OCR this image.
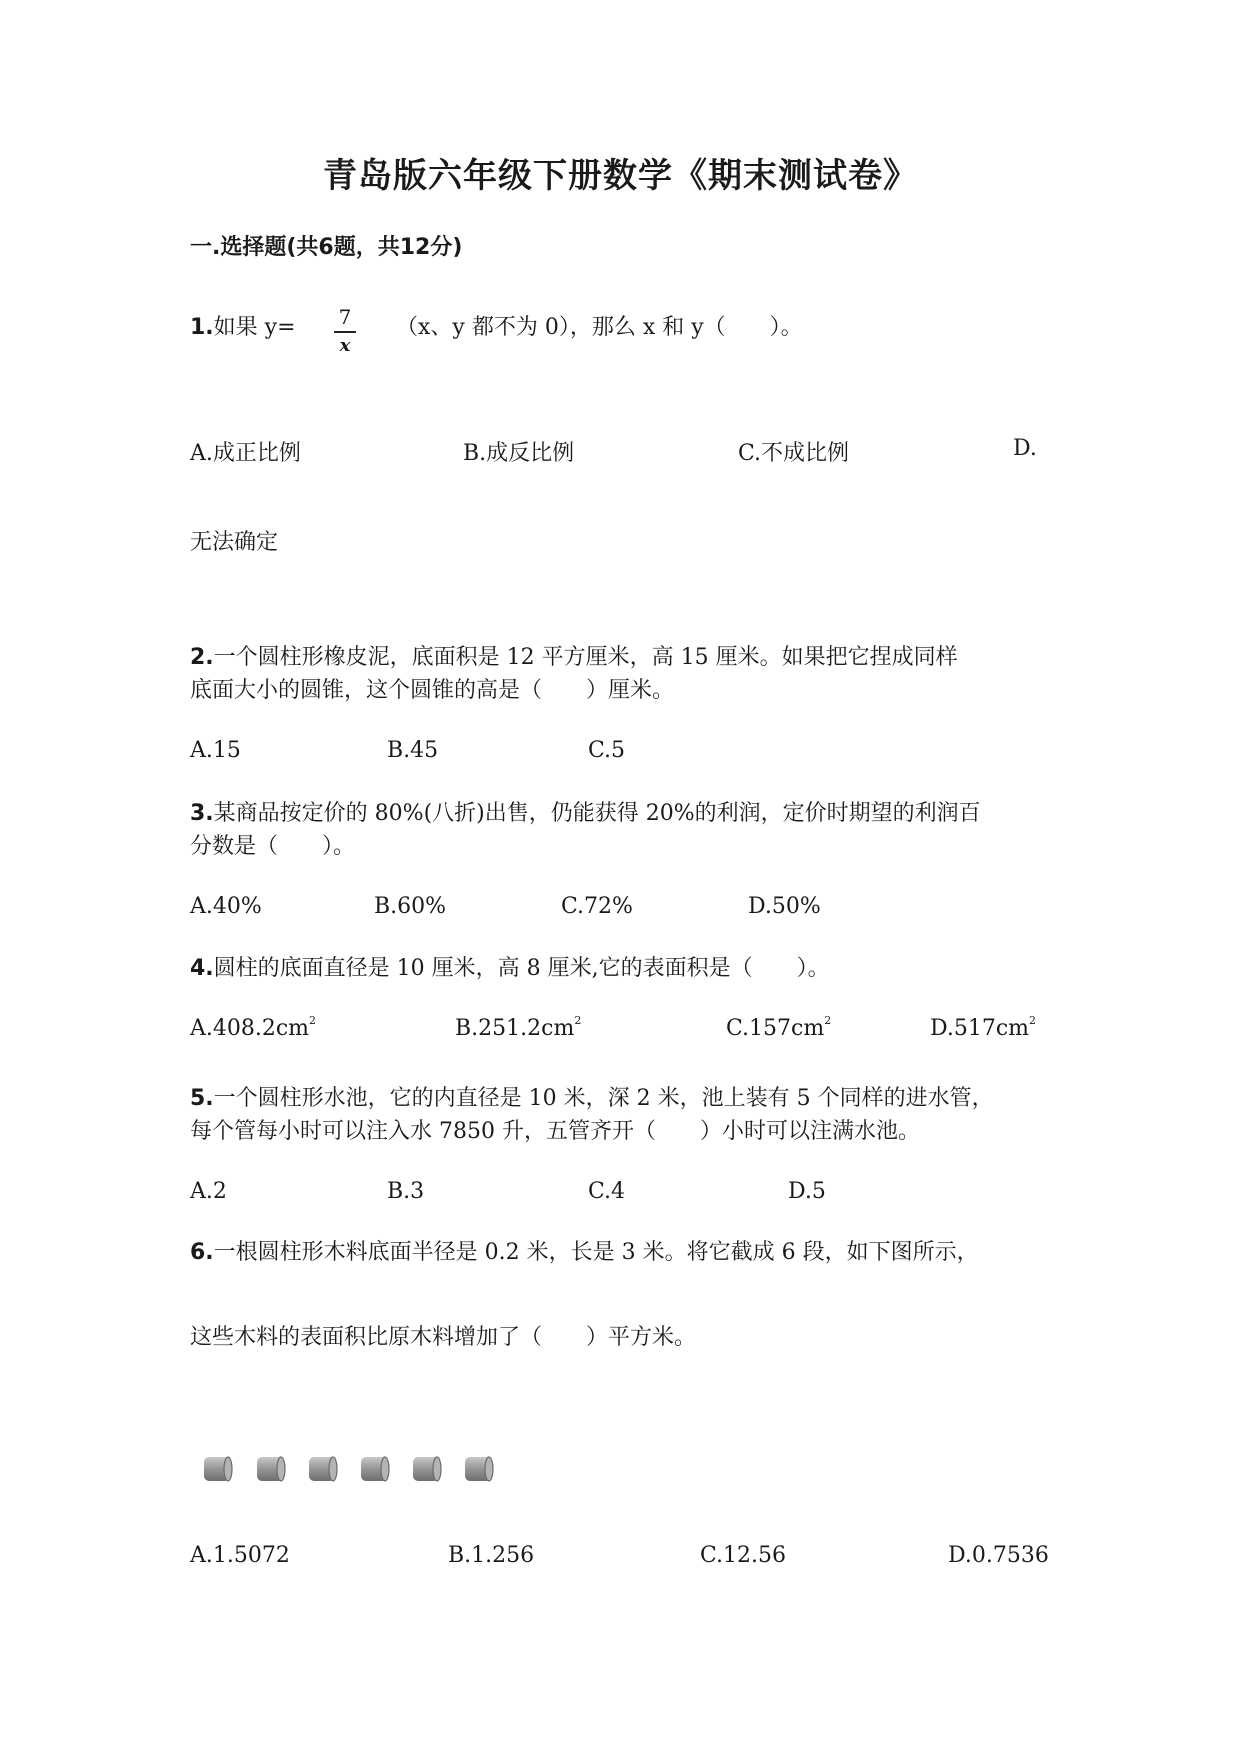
青岛版六年级下册数学《期末测试卷》
一.选择题(共6题，共12分)
1.如果 y= 7
x
（x、y 都不为 0），那么 x 和 y（　　）。
A.成正比例	B.成反比例	C.不成比例	D.
无法确定
2.一个圆柱形橡皮泥，底面积是 12 平方厘米，高 15 厘米。如果把它捏成同样
底面大小的圆锥，这个圆锥的高是（　　）厘米。
A.15	B.45	C.5
3.某商品按定价的 80%(八折)出售，仍能获得 20%的利润，定价时期望的利润百
分数是（　　）。
A.40%	B.60%	C.72%	D.50%
4.圆柱的底面直径是 10 厘米，高 8 厘米,它的表面积是（　　）。
$A.408.2cm^2$	$B.251.2cm^2$	$C.157cm^2$	$D.517cm^2$
5.一个圆柱形水池，它的内直径是 10 米，深 2 米，池上装有 5 个同样的进水管，
每个管每小时可以注入水 7850 升，五管齐开（　　）小时可以注满水池。
A.2	B.3	C.4	D.5
6.一根圆柱形木料底面半径是 0.2 米，长是 3 米。将它截成 6 段，如下图所示，
这些木料的表面积比原木料增加了（　　）平方米。
A.1.5072	B.1.256	C.12.56	D.0.7536
